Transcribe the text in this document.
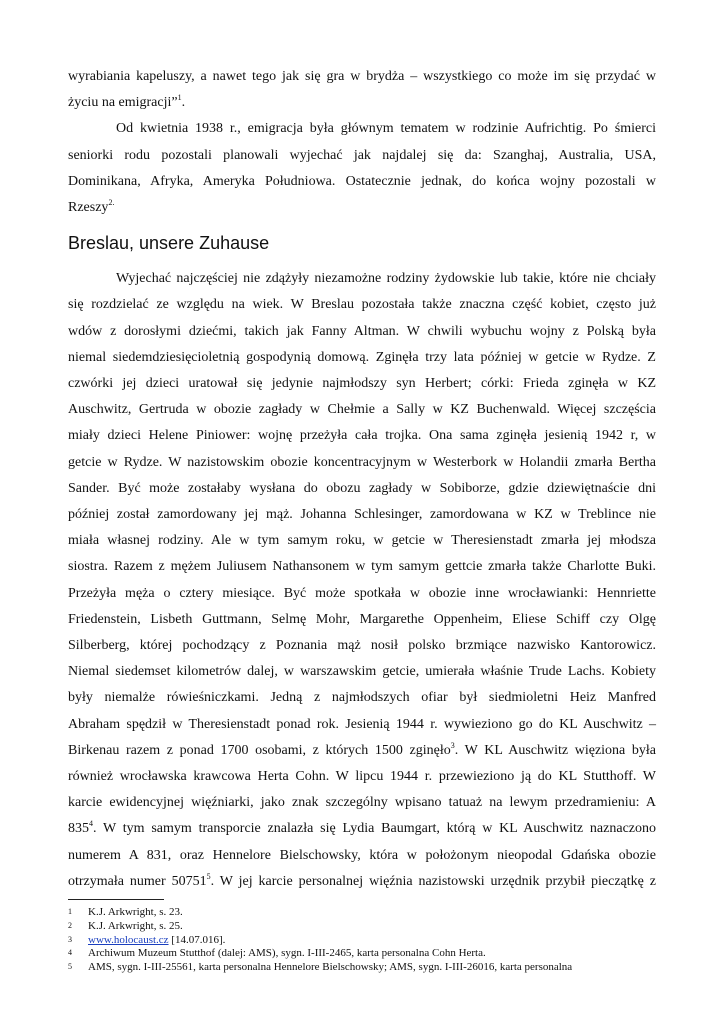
wyrabiania kapeluszy, a nawet tego jak się gra w brydża – wszystkiego co może im się przydać w
życiu na emigracji”$^1$.
Od kwietnia 1938 r., emigracja była głównym tematem w rodzinie Aufrichtig. Po śmierci
seniorki rodu pozostali planowali wyjechać jak najdalej się da: Szanghaj, Australia, USA,
Dominikana, Afryka, Ameryka Południowa. Ostatecznie jednak, do końca wojny pozostali w
Rzeszy$^{2.}$
Breslau, unsere Zuhause
Wyjechać najczęściej nie zdążyły niezamożne rodziny żydowskie lub takie, które nie chciały
się rozdzielać ze względu na wiek. W Breslau pozostała także znaczna część kobiet, często już
wdów z dorosłymi dziećmi, takich jak Fanny Altman. W chwili wybuchu wojny z Polską była
niemal siedemdziesięcioletnią gospodynią domową. Zginęła trzy lata później w getcie w Rydze. Z
czwórki jej dzieci uratował się jedynie najmłodszy syn Herbert; córki: Frieda zginęła w KZ
Auschwitz, Gertruda w obozie zagłady w Chełmie a Sally w KZ Buchenwald. Więcej szczęścia
miały dzieci Helene Piniower: wojnę przeżyła cała trojka. Ona sama zginęła jesienią 1942 r, w
getcie w Rydze. W nazistowskim obozie koncentracyjnym w Westerbork w Holandii zmarła Bertha
Sander. Być może zostałaby wysłana do obozu zagłady w Sobiborze, gdzie dziewiętnaście dni
później został zamordowany jej mąż. Johanna Schlesinger, zamordowana w KZ w Treblince nie
miała własnej rodziny. Ale w tym samym roku, w getcie w Theresienstadt zmarła jej młodsza
siostra. Razem z mężem Juliusem Nathansonem w tym samym gettcie zmarła także Charlotte Buki.
Przeżyła męża o cztery miesiące. Być może spotkała w obozie inne wrocławianki: Hennriette
Friedenstein, Lisbeth Guttmann, Selmę Mohr, Margarethe Oppenheim, Eliese Schiff czy Olgę
Silberberg, której pochodzący z Poznania mąż nosił polsko brzmiące nazwisko Kantorowicz.
Niemal siedemset kilometrów dalej, w warszawskim getcie, umierała właśnie Trude Lachs. Kobiety
były niemalże rówieśniczkami. Jedną z najmłodszych ofiar był siedmioletni Heiz Manfred
Abraham spędził w Theresienstadt ponad rok. Jesienią 1944 r. wywieziono go do KL Auschwitz –
Birkenau razem z ponad 1700 osobami, z których 1500 zginęło$^3$. W KL Auschwitz więziona była
również wrocławska krawcowa Herta Cohn. W lipcu 1944 r. przewieziono ją do KL Stutthoff. W
karcie ewidencyjnej więźniarki, jako znak szczególny wpisano tatuaż na lewym przedramieniu: A
$835^4$. W tym samym transporcie znalazła się Lydia Baumgart, którą w KL Auschwitz naznaczono
numerem A 831, oraz Hennelore Bielschowsky, która w położonym nieopodal Gdańska obozie
otrzymała numer 50751$^5$. W jej karcie personalnej więźnia nazistowski urzędnik przybił pieczątkę z
1	K.J. Arkwright, s. 23.
2	K.J. Arkwright, s. 25.
3	www.holocaust.cz [14.07.016].
4	Archiwum Muzeum Stutthof (dalej: AMS), sygn. I-III-2465, karta personalna Cohn Herta.
5	AMS, sygn. I-III-25561, karta personalna Hennelore Bielschowsky; AMS, sygn. I-III-26016, karta personalna
